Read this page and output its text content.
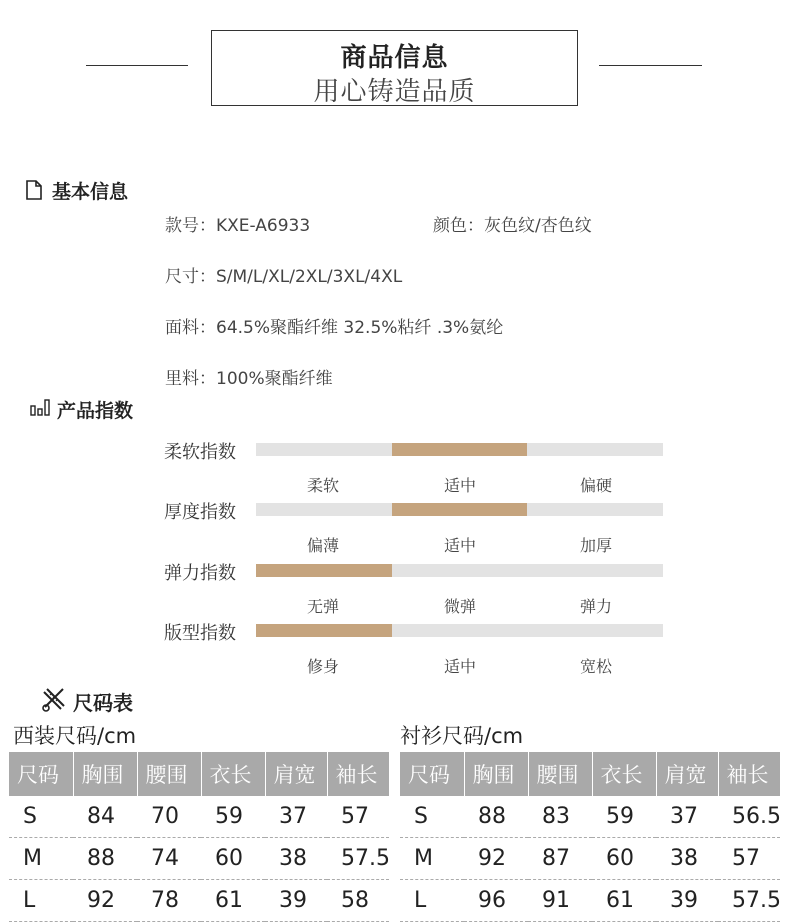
商品信息
用心铸造品质
基本信息
款号：KXE-A6933	颜色：灰色纹/杏色纹
尺寸：S/M/L/XL/2XL/3XL/4XL
面料：64.5%聚酯纤维 32.5%粘纤 .3%氨纶
里料：100%聚酯纤维
产品指数
柔软指数
柔软	适中	偏硬
厚度指数
偏薄	适中	加厚
弹力指数
无弹	微弹	弹力
版型指数
修身	适中	宽松
尺码表
西装尺码/cm	衬衫尺码/cm
尺码	胸围	腰围	衣长	肩宽	袖长
S	84	70	59	37	57
M	88	74	60	38	57.5
L	92	78	61	39	58
尺码	胸围	腰围	衣长	肩宽	袖长
S	88	83	59	37	56.5
M	92	87	60	38	57
L	96	91	61	39	57.5
